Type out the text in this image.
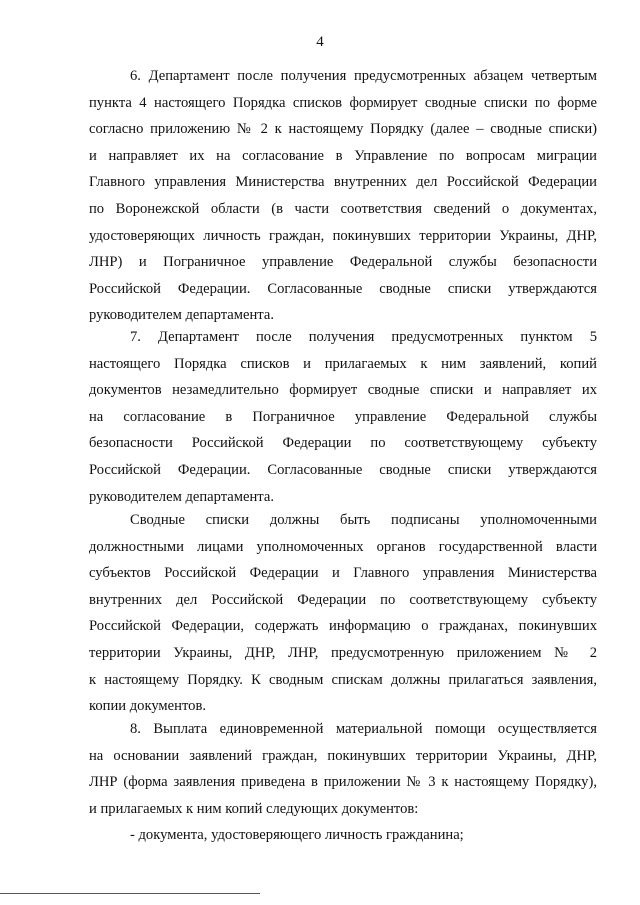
4
6. Департамент после получения предусмотренных абзацем четвертым
пункта 4 настоящего Порядка списков формирует сводные списки по форме
согласно приложению № 2 к настоящему Порядку (далее – сводные списки)
и направляет их на согласование в Управление по вопросам миграции
Главного управления Министерства внутренних дел Российской Федерации
по Воронежской области (в части соответствия сведений о документах,
удостоверяющих личность граждан, покинувших территории Украины, ДНР,
ЛНР) и Пограничное управление Федеральной службы безопасности
Российской Федерации. Согласованные сводные списки утверждаются
руководителем департамента.
7. Департамент после получения предусмотренных пунктом 5
настоящего Порядка списков и прилагаемых к ним заявлений, копий
документов незамедлительно формирует сводные списки и направляет их
на согласование в Пограничное управление Федеральной службы
безопасности Российской Федерации по соответствующему субъекту
Российской Федерации. Согласованные сводные списки утверждаются
руководителем департамента.
Сводные списки должны быть подписаны уполномоченными
должностными лицами уполномоченных органов государственной власти
субъектов Российской Федерации и Главного управления Министерства
внутренних дел Российской Федерации по соответствующему субъекту
Российской Федерации, содержать информацию о гражданах, покинувших
территории Украины, ДНР, ЛНР, предусмотренную приложением № 2
к настоящему Порядку. К сводным спискам должны прилагаться заявления,
копии документов.
8. Выплата единовременной материальной помощи осуществляется
на основании заявлений граждан, покинувших территории Украины, ДНР,
ЛНР (форма заявления приведена в приложении № 3 к настоящему Порядку),
и прилагаемых к ним копий следующих документов:
- документа, удостоверяющего личность гражданина;
